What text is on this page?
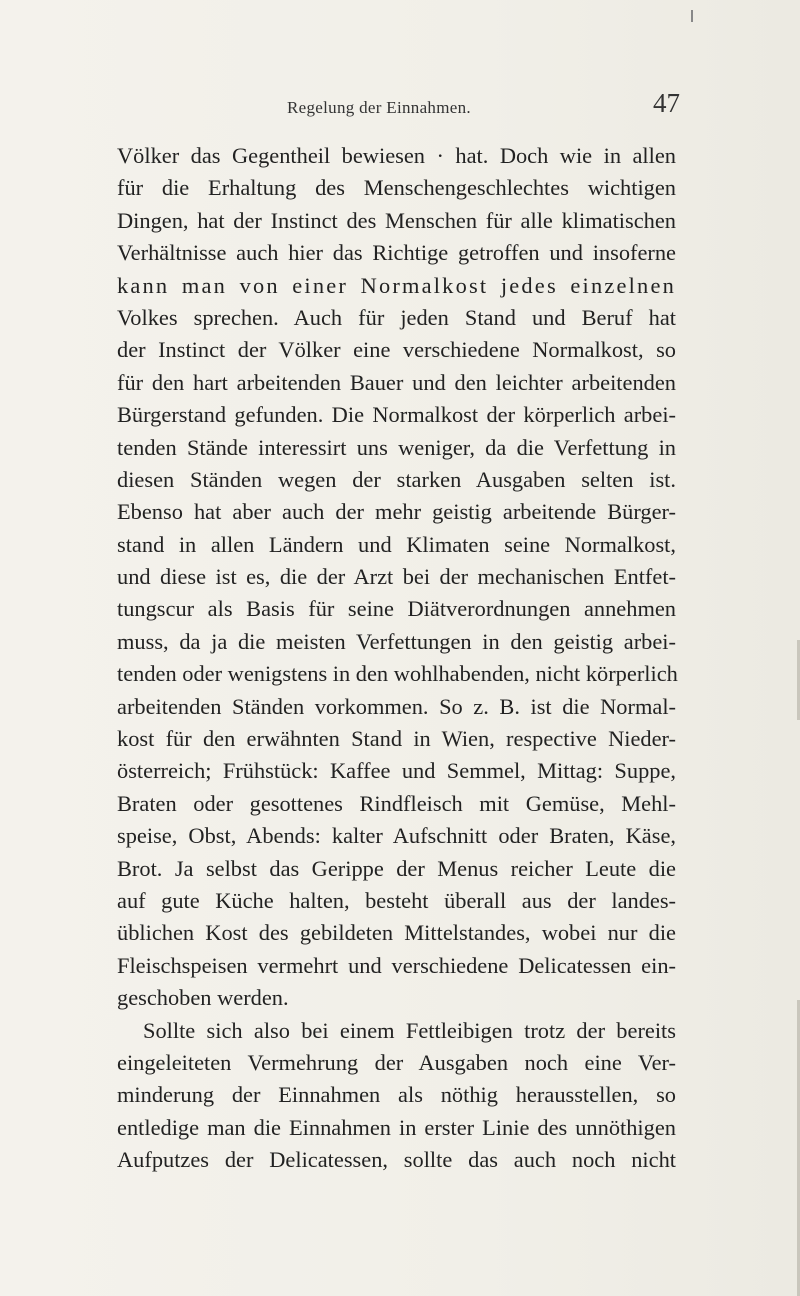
Regelung der Einnahmen.	47
Völker das Gegentheil bewiesen · hat. Doch wie in allen
für die Erhaltung des Menschengeschlechtes wichtigen
Dingen, hat der Instinct des Menschen für alle klimatischen
Verhältnisse auch hier das Richtige getroffen und insoferne
kann man von einer Normalkost jedes einzelnen
Volkes sprechen. Auch für jeden Stand und Beruf hat
der Instinct der Völker eine verschiedene Normalkost, so
für den hart arbeitenden Bauer und den leichter arbeitenden
Bürgerstand gefunden. Die Normalkost der körperlich arbei-
tenden Stände interessirt uns weniger, da die Verfettung in
diesen Ständen wegen der starken Ausgaben selten ist.
Ebenso hat aber auch der mehr geistig arbeitende Bürger-
stand in allen Ländern und Klimaten seine Normalkost,
und diese ist es, die der Arzt bei der mechanischen Entfet-
tungscur als Basis für seine Diätverordnungen annehmen
muss, da ja die meisten Verfettungen in den geistig arbei-
tenden oder wenigstens in den wohlhabenden, nicht körperlich
arbeitenden Ständen vorkommen. So z. B. ist die Normal-
kost für den erwähnten Stand in Wien, respective Nieder-
österreich; Frühstück: Kaffee und Semmel, Mittag: Suppe,
Braten oder gesottenes Rindfleisch mit Gemüse, Mehl-
speise, Obst, Abends: kalter Aufschnitt oder Braten, Käse,
Brot. Ja selbst das Gerippe der Menus reicher Leute die
auf gute Küche halten, besteht überall aus der landes-
üblichen Kost des gebildeten Mittelstandes, wobei nur die
Fleischspeisen vermehrt und verschiedene Delicatessen ein-
geschoben werden.
Sollte sich also bei einem Fettleibigen trotz der bereits
eingeleiteten Vermehrung der Ausgaben noch eine Ver-
minderung der Einnahmen als nöthig herausstellen, so
entledige man die Einnahmen in erster Linie des unnöthigen
Aufputzes der Delicatessen, sollte das auch noch nicht
